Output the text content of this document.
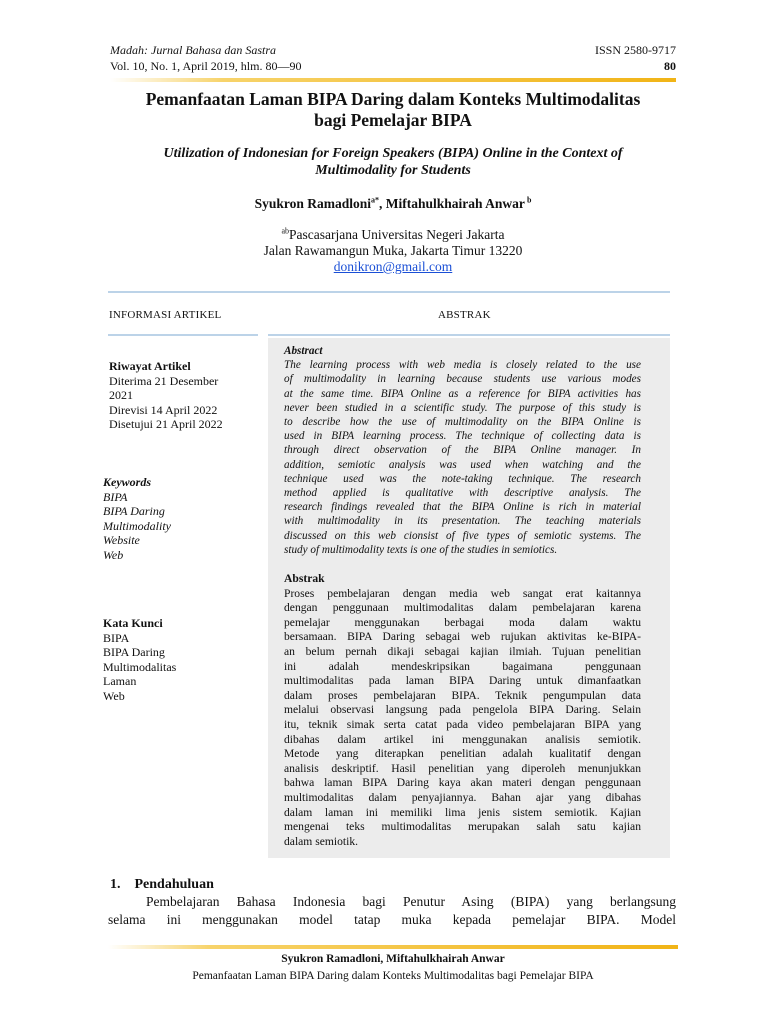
Madah: Jurnal Bahasa dan Sastra
Vol. 10, No. 1, April 2019, hlm. 80—90
ISSN 2580-9717
80
Pemanfaatan Laman BIPA Daring dalam Konteks Multimodalitas
bagi Pemelajar BIPA
Utilization of Indonesian for Foreign Speakers (BIPA) Online in the Context of
Multimodality for Students
Syukron Ramadloni$^{a*}$, Miftahulkhairah Anwar $^b$
$^{ab}$Pascasarjana Universitas Negeri Jakarta
Jalan Rawamangun Muka, Jakarta Timur 13220
donikron@gmail.com
INFORMASI ARTIKEL	ABSTRAK
Riwayat Artikel
Diterima 21 Desember
2021
Direvisi 14 April 2022
Disetujui 21 April 2022
Keywords
BIPA
BIPA Daring
Multimodality
Website
Web
Kata Kunci
BIPA
BIPA Daring
Multimodalitas
Laman
Web
Abstract
The learning process with web media is closely related to the use
of multimodality in learning because students use various modes
at the same time. BIPA Online as a reference for BIPA activities has
never been studied in a scientific study. The purpose of this study is
to describe how the use of multimodality on the BIPA Online is
used in BIPA learning process. The technique of collecting data is
through direct observation of the BIPA Online manager. In
addition, semiotic analysis was used when watching and the
technique used was the note-taking technique. The research
method applied is qualitative with descriptive analysis. The
research findings revealed that the BIPA Online is rich in material
with multimodality in its presentation. The teaching materials
discussed on this web cionsist of five types of semiotic systems. The
study of multimodality texts is one of the studies in semiotics.
Abstrak
Proses pembelajaran dengan media web sangat erat kaitannya
dengan penggunaan multimodalitas dalam pembelajaran karena
pemelajar menggunakan berbagai moda dalam waktu
bersamaan. BIPA Daring sebagai web rujukan aktivitas ke-BIPA-
an belum pernah dikaji sebagai kajian ilmiah. Tujuan penelitian
ini adalah mendeskripsikan bagaimana penggunaan
multimodalitas pada laman BIPA Daring untuk dimanfaatkan
dalam proses pembelajaran BIPA. Teknik pengumpulan data
melalui observasi langsung pada pengelola BIPA Daring. Selain
itu, teknik simak serta catat pada video pembelajaran BIPA yang
dibahas dalam artikel ini menggunakan analisis semiotik.
Metode yang diterapkan penelitian adalah kualitatif dengan
analisis deskriptif. Hasil penelitian yang diperoleh menunjukkan
bahwa laman BIPA Daring kaya akan materi dengan penggunaan
multimodalitas dalam penyajiannya. Bahan ajar yang dibahas
dalam laman ini memiliki lima jenis sistem semiotik. Kajian
mengenai teks multimodalitas merupakan salah satu kajian
dalam semiotik.
1. Pendahuluan
Pembelajaran Bahasa Indonesia bagi Penutur Asing (BIPA) yang berlangsung
selama ini menggunakan model tatap muka kepada pemelajar BIPA. Model
Syukron Ramadloni, Miftahulkhairah Anwar
Pemanfaatan Laman BIPA Daring dalam Konteks Multimodalitas bagi Pemelajar BIPA
